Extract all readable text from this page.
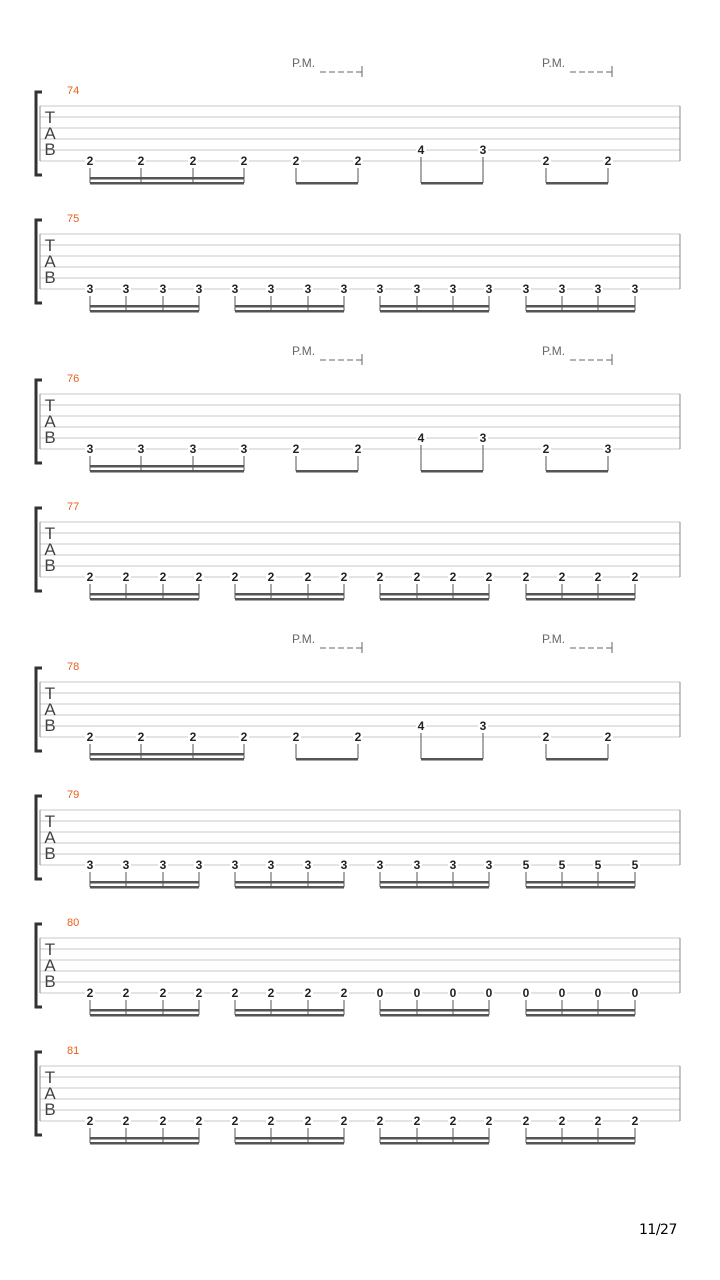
T
A
B
74
P.M.	P.M.
2	2	2	2	2	2
4	3
2	2
T
A
B
75
3 3	3 3 3 3	3 3 3	3 3 3	3 3 3	3
T
A
B
76
P.M.	P.M.
3	3	3	3	2	2
4	3
2	3
T
A
B
77
2 2	2 2 2 2	2 2 2	2 2 2	2 2 2	2
T
A
B
78
P.M.	P.M.
2	2	2	2	2	2
4	3
2	2
T
A
B
79
3 3	3 3 3 3	3 3 3	3 3 3	5 5 5	5
T
A
B
80
2 2	2 2 2 2	2 2 0	0 0 0	0 0 0	0
T
A
B
81
2 2	2 2 2 2	2 2 2	2 2 2	2 2 2	2
11/27
